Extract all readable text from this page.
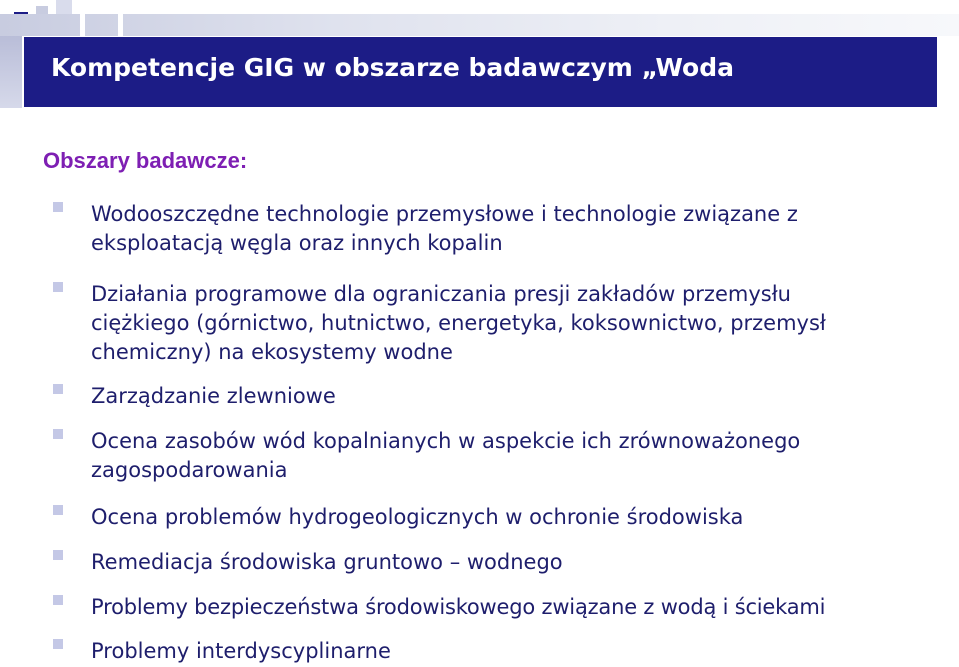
Kompetencje GIG w obszarze badawczym „Woda
Obszary badawcze:
Wodooszczędne technologie przemysłowe i technologie związane z
eksploatacją węgla oraz innych kopalin
Działania programowe dla ograniczania presji zakładów przemysłu
ciężkiego (górnictwo, hutnictwo, energetyka, koksownictwo, przemysł
chemiczny) na ekosystemy wodne
Zarządzanie zlewniowe
Ocena zasobów wód kopalnianych w aspekcie ich zrównoważonego
zagospodarowania
Ocena problemów hydrogeologicznych w ochronie środowiska
Remediacja środowiska gruntowo – wodnego
Problemy bezpieczeństwa środowiskowego związane z wodą i ściekami
Problemy interdyscyplinarne
